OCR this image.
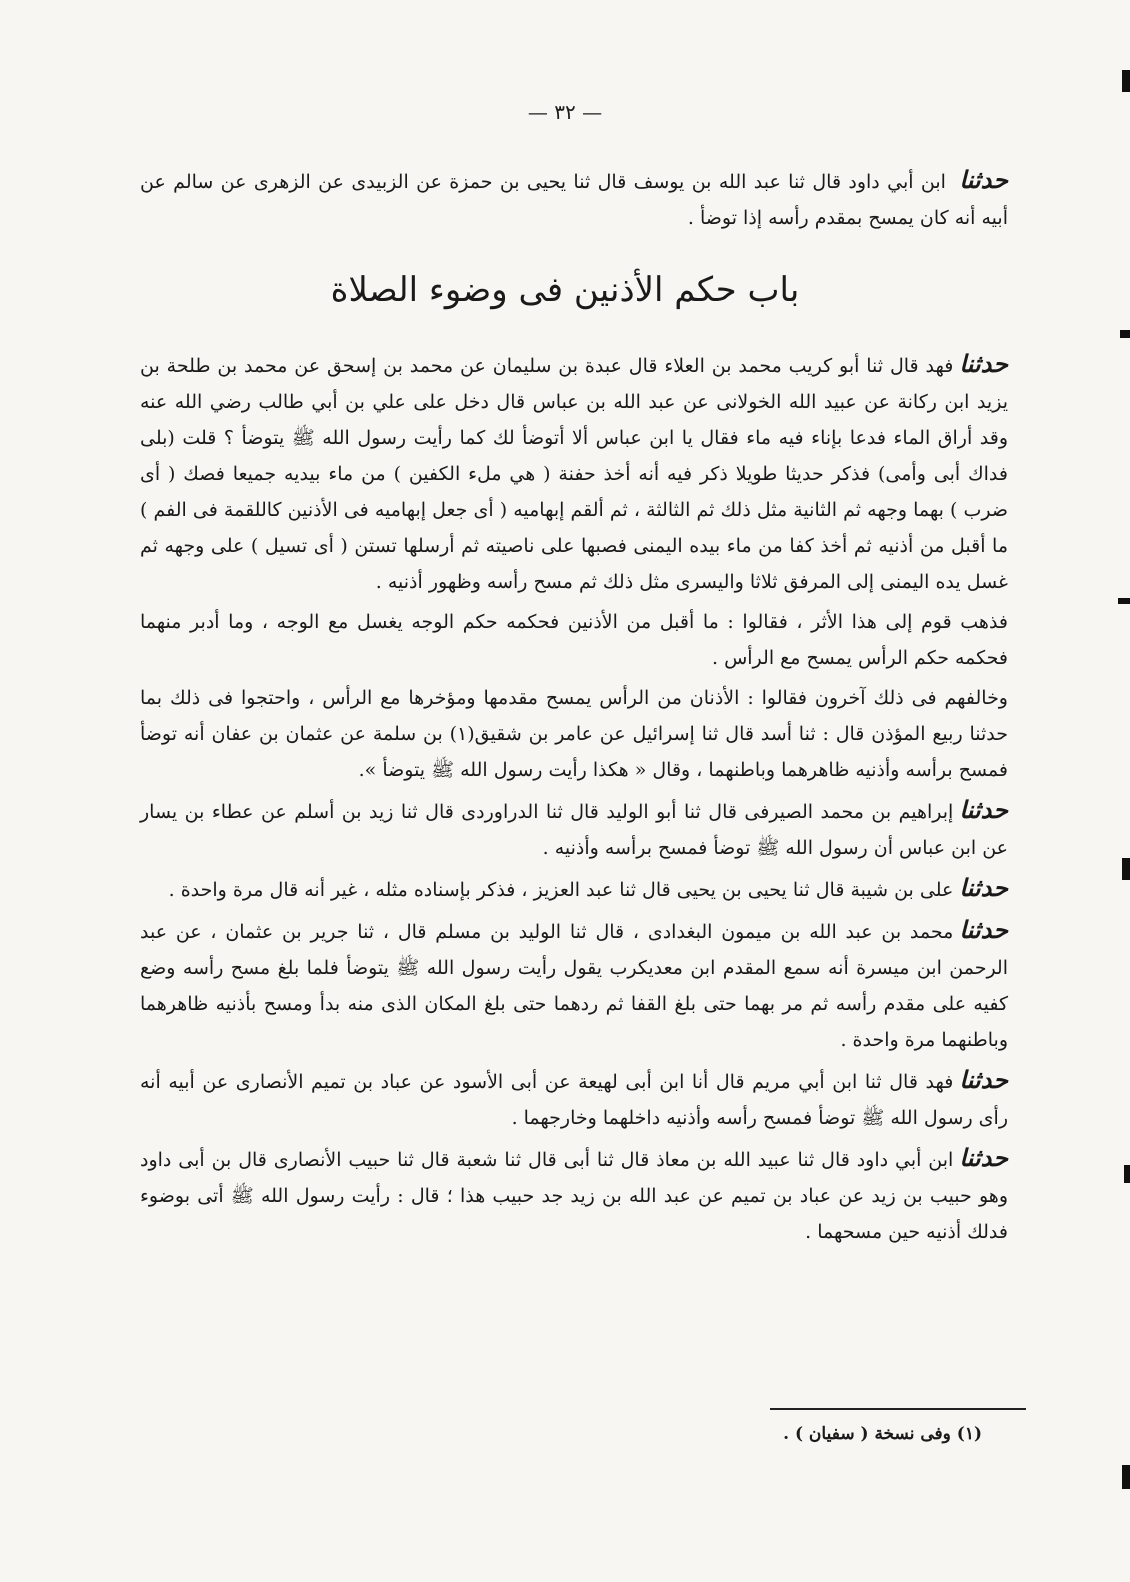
— ٣٢ —

حدثنا ابن أبي داود قال ثنا عبد الله بن يوسف قال ثنا يحيى بن حمزة عن الزبيدى عن الزهرى عن سالم عن أبيه أنه كان يمسح بمقدم رأسه إذا توضأ .

باب حكم الأذنين فى وضوء الصلاة

حدثنافهد قال ثنا أبو كريب محمد بن العلاء قال عبدة بن سليمان عن محمد بن إسحق عن محمد بن طلحة بن يزيد ابن ركانة عن عبيد الله الخولانى عن عبد الله بن عباس قال دخل على علي بن أبي طالب رضي الله عنه وقد أراق الماء فدعا بإناء فيه ماء فقال يا ابن عباس ألا أتوضأ لك كما رأيت رسول الله ﷺ يتوضأ ؟ قلت (بلى فداك أبى وأمى) فذكر حديثا طويلا ذكر فيه أنه أخذ حفنة ( هي ملء الكفين ) من ماء بيديه جميعا فصك ( أى ضرب ) بهما وجهه ثم الثانية مثل ذلك ثم الثالثة ، ثم ألقم إبهاميه ( أى جعل إبهاميه فى الأذنين كاللقمة فى الفم ) ما أقبل من أذنيه ثم أخذ كفا من ماء بيده اليمنى فصبها على ناصيته ثم أرسلها تستن ( أى تسيل ) على وجهه ثم غسل يده اليمنى إلى المرفق ثلاثا واليسرى مثل ذلك ثم مسح رأسه وظهور أذنيه .

فذهب قوم إلى هذا الأثر ، فقالوا : ما أقبل من الأذنين فحكمه حكم الوجه يغسل مع الوجه ، وما أدبر منهما فحكمه حكم الرأس يمسح مع الرأس .

وخالفهم فى ذلك آخرون فقالوا : الأذنان من الرأس يمسح مقدمها ومؤخرها مع الرأس ، واحتجوا فى ذلك بما حدثنا ربيع المؤذن قال : ثنا أسد قال ثنا إسرائيل عن عامر بن شقيق(١) بن سلمة عن عثمان بن عفان أنه توضأ فمسح برأسه وأذنيه ظاهرهما وباطنهما ، وقال « هكذا رأيت رسول الله ﷺ يتوضأ ».

حدثناإبراهيم بن محمد الصيرفى قال ثنا أبو الوليد قال ثنا الدراوردى قال ثنا زيد بن أسلم عن عطاء بن يسار عن ابن عباس أن رسول الله ﷺ توضأ فمسح برأسه وأذنيه .

حدثناعلى بن شيبة قال ثنا يحيى بن يحيى قال ثنا عبد العزيز ، فذكر بإسناده مثله ، غير أنه قال مرة واحدة .

حدثنامحمد بن عبد الله بن ميمون البغدادى ، قال ثنا الوليد بن مسلم قال ، ثنا جرير بن عثمان ، عن عبد الرحمن ابن ميسرة أنه سمع المقدم ابن معديكرب يقول رأيت رسول الله ﷺ يتوضأ فلما بلغ مسح رأسه وضع كفيه على مقدم رأسه ثم مر بهما حتى بلغ القفا ثم ردهما حتى بلغ المكان الذى منه بدأ ومسح بأذنيه ظاهرهما وباطنهما مرة واحدة .

حدثنافهد قال ثنا ابن أبي مريم قال أنا ابن أبى لهيعة عن أبى الأسود عن عباد بن تميم الأنصارى عن أبيه أنه رأى رسول الله ﷺ توضأ فمسح رأسه وأذنيه داخلهما وخارجهما .

حدثناابن أبي داود قال ثنا عبيد الله بن معاذ قال ثنا أبى قال ثنا شعبة قال ثنا حبيب الأنصارى قال بن أبى داود وهو حبيب بن زيد عن عباد بن تميم عن عبد الله بن زيد جد حبيب هذا ؛ قال : رأيت رسول الله ﷺ أتى بوضوء فدلك أذنيه حين مسحهما .

(١) وفى نسخة ( سفيان ) .
